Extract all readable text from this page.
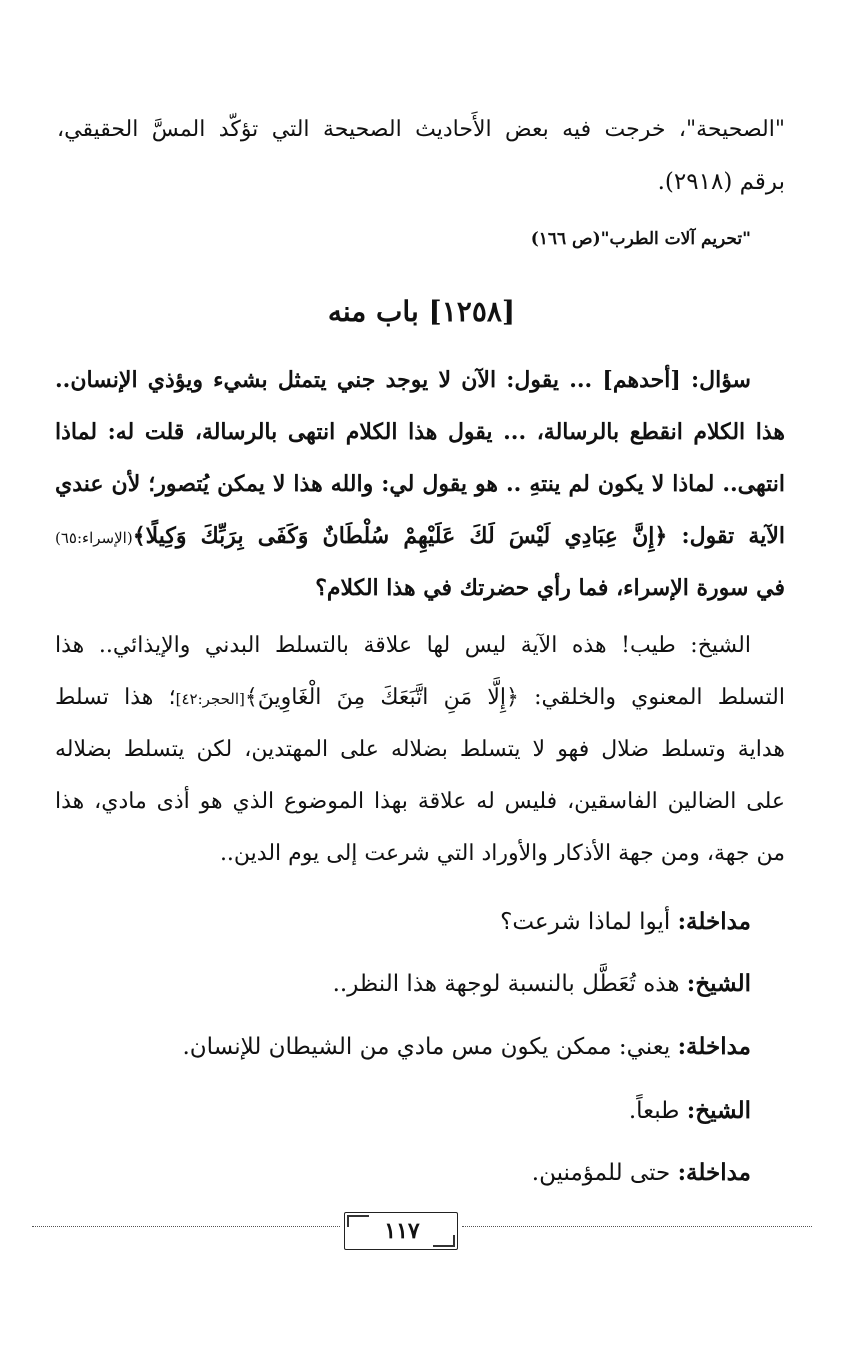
"الصحيحة"، خرجت فيه بعض الأَحاديث الصحيحة التي تؤكّد المسَّ الحقيقي،
برقم (٢٩١٨).
"تحريم آلات الطرب"(ص ١٦٦)
[١٢٥٨] باب منه
سؤال: [أحدهم] ... يقول: الآن لا يوجد جني يتمثل بشيء ويؤذي الإنسان..
هذا الكلام انقطع بالرسالة، ... يقول هذا الكلام انتهى بالرسالة، قلت له: لماذا
انتهى.. لماذا لا يكون لم ينتهِ .. هو يقول لي: والله هذا لا يمكن يُتصور؛ لأن عندي
الآية تقول: ﴿إِنَّ عِبَادِي لَيْسَ لَكَ عَلَيْهِمْ سُلْطَانٌ وَكَفَى بِرَبِّكَ وَكِيلًا﴾(الإسراء:٦٥)
في سورة الإسراء، فما رأي حضرتك في هذا الكلام؟
الشيخ: طيب! هذه الآية ليس لها علاقة بالتسلط البدني والإيذائي.. هذا
التسلط المعنوي والخلقي: ﴿إِلَّا مَنِ اتَّبَعَكَ مِنَ الْغَاوِينَ﴾[الحجر:٤٢]؛ هذا تسلط
هداية وتسلط ضلال فهو لا يتسلط بضلاله على المهتدين، لكن يتسلط بضلاله
على الضالين الفاسقين، فليس له علاقة بهذا الموضوع الذي هو أذى مادي، هذا
من جهة، ومن جهة الأذكار والأوراد التي شرعت إلى يوم الدين..
مداخلة: أيوا لماذا شرعت؟
الشيخ: هذه تُعَطَّل بالنسبة لوجهة هذا النظر..
مداخلة: يعني: ممكن يكون مس مادي من الشيطان للإنسان.
الشيخ: طبعاً.
مداخلة: حتى للمؤمنين.
١١٧
